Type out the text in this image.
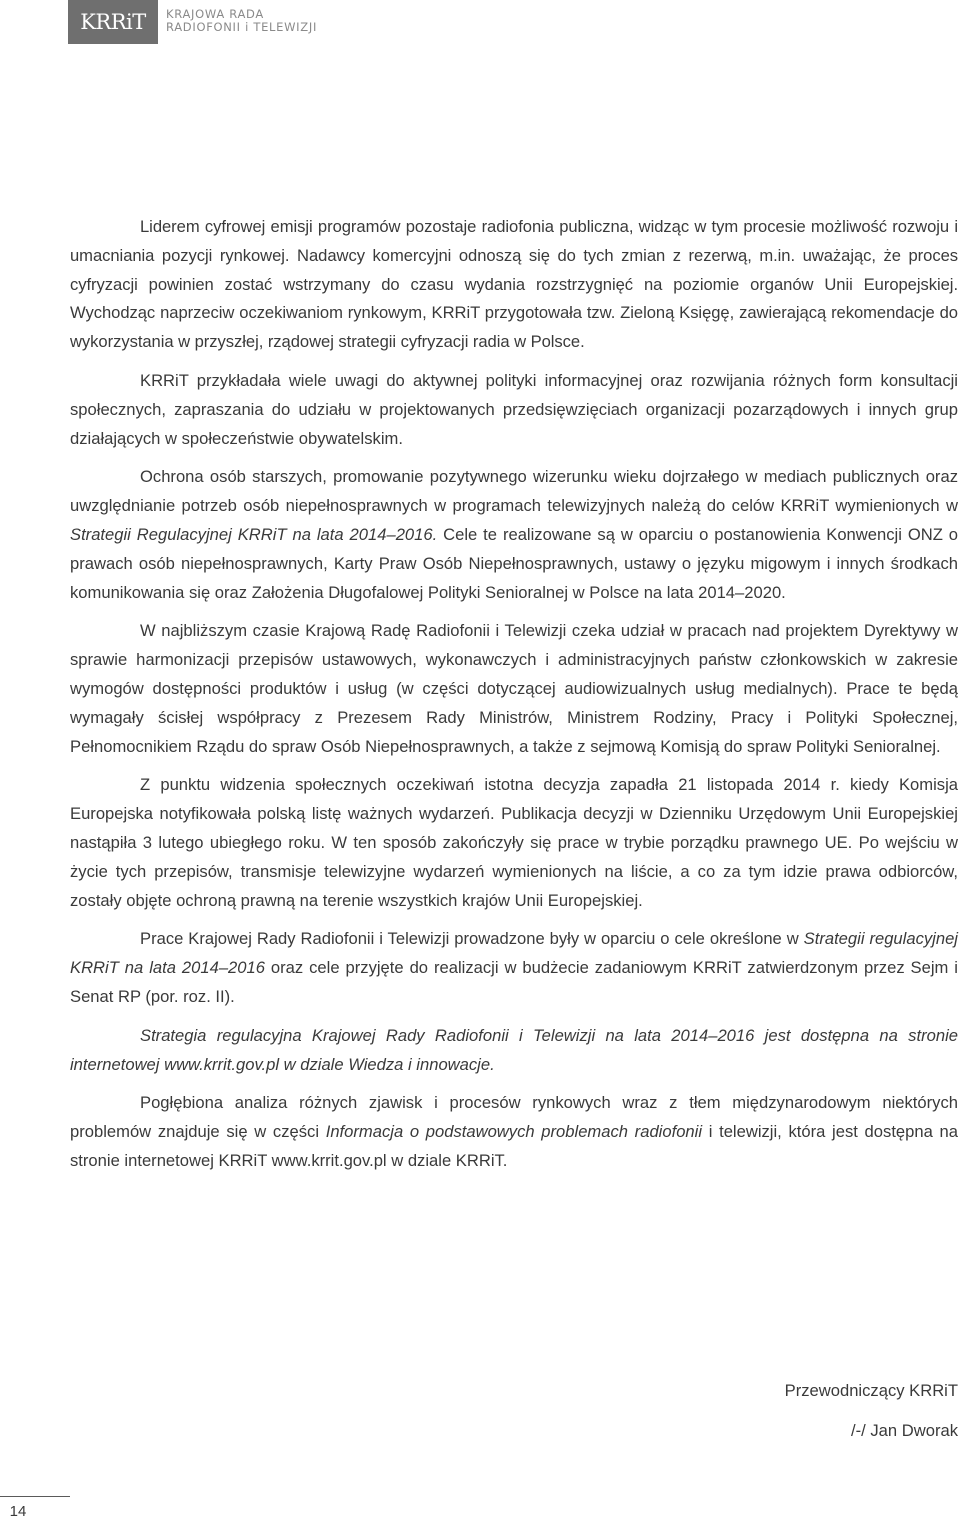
KRRiT KRAJOWA RADA
RADIOFONII i TELEWIZJI

Liderem cyfrowej emisji programów pozostaje radiofonia publiczna, widząc w tym procesie możliwość rozwoju i umacniania pozycji rynkowej. Nadawcy komercyjni odnoszą się do tych zmian z rezerwą, m.in. uważając, że proces cyfryzacji powinien zostać wstrzymany do czasu wydania rozstrzygnięć na poziomie organów Unii Europejskiej. Wychodząc naprzeciw oczekiwaniom rynkowym, KRRiT przygotowała tzw. Zieloną Księgę, zawierającą rekomendacje do wykorzystania w przyszłej, rządowej strategii cyfryzacji radia w Polsce.

KRRiT przykładała wiele uwagi do aktywnej polityki informacyjnej oraz rozwijania różnych form konsultacji społecznych, zapraszania do udziału w projektowanych przedsięwzięciach organizacji pozarządowych i innych grup działających w społeczeństwie obywatelskim.

Ochrona osób starszych, promowanie pozytywnego wizerunku wieku dojrzałego w mediach publicznych oraz uwzględnianie potrzeb osób niepełnosprawnych w programach telewizyjnych należą do celów KRRiT wymienionych w Strategii Regulacyjnej KRRiT na lata 2014–2016. Cele te realizowane są w oparciu o postanowienia Konwencji ONZ o prawach osób niepełnosprawnych, Karty Praw Osób Niepełnosprawnych, ustawy o języku migowym i innych środkach komunikowania się oraz Założenia Długofalowej Polityki Senioralnej w Polsce na lata 2014–2020.

W najbliższym czasie Krajową Radę Radiofonii i Telewizji czeka udział w pracach nad projektem Dyrektywy w sprawie harmonizacji przepisów ustawowych, wykonawczych i administracyjnych państw członkowskich w zakresie wymogów dostępności produktów i usług (w części dotyczącej audiowizualnych usług medialnych). Prace te będą wymagały ścisłej współpracy z Prezesem Rady Ministrów, Ministrem Rodziny, Pracy i Polityki Społecznej, Pełnomocnikiem Rządu do spraw Osób Niepełnosprawnych, a także z sejmową Komisją do spraw Polityki Senioralnej.

Z punktu widzenia społecznych oczekiwań istotna decyzja zapadła 21 listopada 2014 r. kiedy Komisja Europejska notyfikowała polską listę ważnych wydarzeń. Publikacja decyzji w Dzienniku Urzędowym Unii Europejskiej nastąpiła 3 lutego ubiegłego roku. W ten sposób zakończyły się prace w trybie porządku prawnego UE. Po wejściu w życie tych przepisów, transmisje telewizyjne wydarzeń wymienionych na liście, a co za tym idzie prawa odbiorców, zostały objęte ochroną prawną na terenie wszystkich krajów Unii Europejskiej.

Prace Krajowej Rady Radiofonii i Telewizji prowadzone były w oparciu o cele określone w Strategii regulacyjnej KRRiT na lata 2014–2016 oraz cele przyjęte do realizacji w budżecie zadaniowym KRRiT zatwierdzonym przez Sejm i Senat RP (por. roz. II).

Strategia regulacyjna Krajowej Rady Radiofonii i Telewizji na lata 2014–2016 jest dostępna na stronie internetowej www.krrit.gov.pl w dziale Wiedza i innowacje.

Pogłębiona analiza różnych zjawisk i procesów rynkowych wraz z tłem międzynarodowym niektórych problemów znajduje się w części Informacja o podstawowych problemach radiofonii i telewizji, która jest dostępna na stronie internetowej KRRiT www.krrit.gov.pl w dziale KRRiT.

Przewodniczący KRRiT

/-/ Jan Dworak

14
